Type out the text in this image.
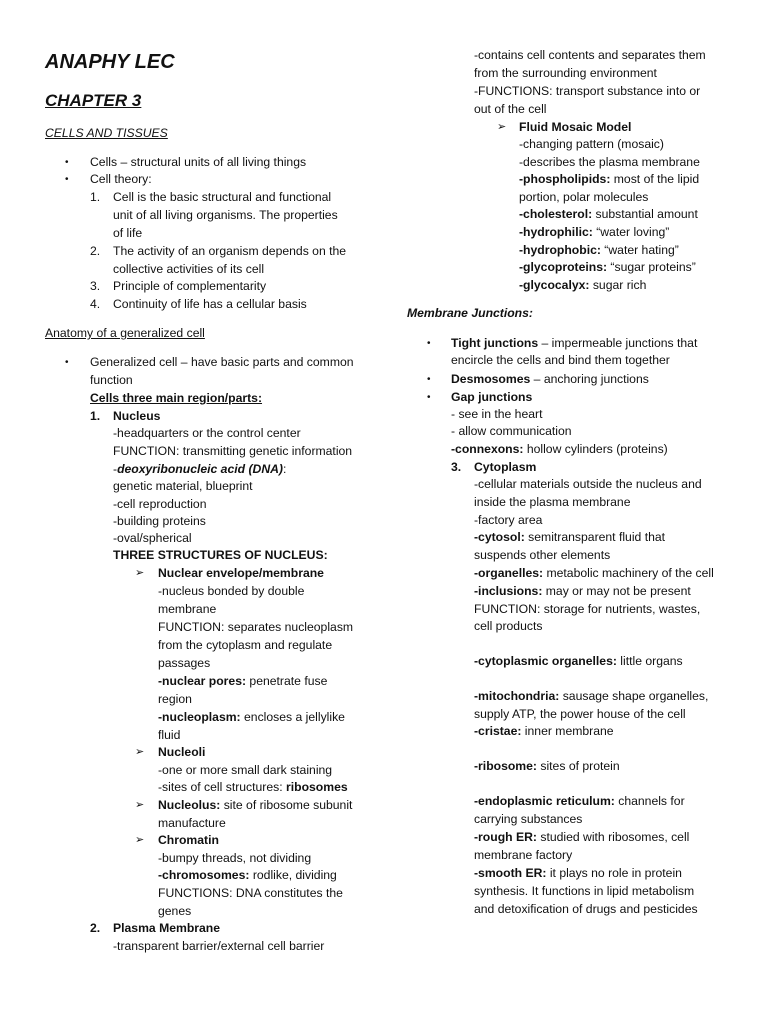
ANAPHY LEC
CHAPTER 3
CELLS AND TISSUES
• Cells – structural units of all living things
• Cell theory:
1. Cell is the basic structural and functional
unit of all living organisms. The properties
of life
2. The activity of an organism depends on the
collective activities of its cell
3. Principle of complementarity
4. Continuity of life has a cellular basis
Anatomy of a generalized cell
• Generalized cell – have basic parts and common
function
Cells three main region/parts:
1. Nucleus
-headquarters or the control center
FUNCTION: transmitting genetic information
-deoxyribonucleic acid (DNA):
genetic material, blueprint
-cell reproduction
-building proteins
-oval/spherical
THREE STRUCTURES OF NUCLEUS:
➢ Nuclear envelope/membrane
-nucleus bonded by double
membrane
FUNCTION: separates nucleoplasm
from the cytoplasm and regulate
passages
-nuclear pores: penetrate fuse
region
-nucleoplasm: encloses a jellylike
fluid
➢ Nucleoli
-one or more small dark staining
-sites of cell structures: ribosomes
➢ Nucleolus: site of ribosome subunit
manufacture
➢ Chromatin
-bumpy threads, not dividing
-chromosomes: rodlike, dividing
FUNCTIONS: DNA constitutes the
genes
2. Plasma Membrane
-transparent barrier/external cell barrier
-contains cell contents and separates them
from the surrounding environment
-FUNCTIONS: transport substance into or
out of the cell
➢ Fluid Mosaic Model
-changing pattern (mosaic)
-describes the plasma membrane
-phospholipids: most of the lipid
portion, polar molecules
-cholesterol: substantial amount
-hydrophilic: “water loving”
-hydrophobic: “water hating”
-glycoproteins: “sugar proteins”
-glycocalyx: sugar rich
Membrane Junctions:
• Tight junctions – impermeable junctions that
encircle the cells and bind them together
• Desmosomes – anchoring junctions
• Gap junctions
- see in the heart
- allow communication
-connexons: hollow cylinders (proteins)
3. Cytoplasm
-cellular materials outside the nucleus and
inside the plasma membrane
-factory area
-cytosol: semitransparent fluid that
suspends other elements
-organelles: metabolic machinery of the cell
-inclusions: may or may not be present
FUNCTION: storage for nutrients, wastes,
cell products
-cytoplasmic organelles: little organs
-mitochondria: sausage shape organelles,
supply ATP, the power house of the cell
-cristae: inner membrane
-ribosome: sites of protein
-endoplasmic reticulum: channels for
carrying substances
-rough ER: studied with ribosomes, cell
membrane factory
-smooth ER: it plays no role in protein
synthesis. It functions in lipid metabolism
and detoxification of drugs and pesticides
